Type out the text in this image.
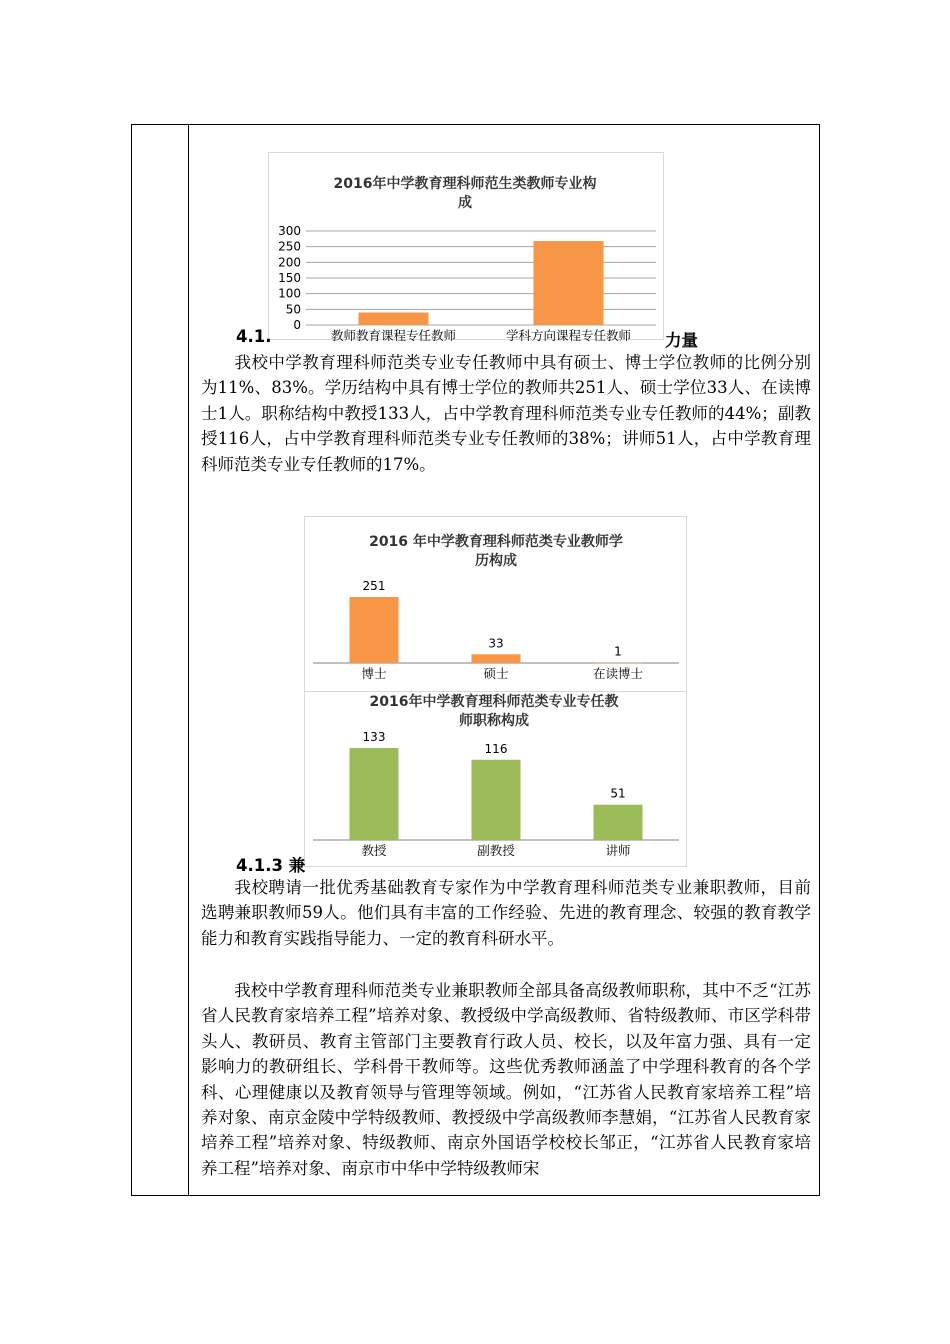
2016年中学教育理科师范生类教师专业构
成
0
50
100
150
200
250
300
教师教育课程专任教师	学科方向课程专任教师

4.1.	力量

我校中学教育理科师范类专业专任教师中具有硕士、博士学位教师的比例分别为11%、83%。学历结构中具有博士学位的教师共251人、硕士学位33人、在读博士1人。职称结构中教授133人，占中学教育理科师范类专业专任教师的44%；副教授116人，占中学教育理科师范类专业专任教师的38%；讲师51人，占中学教育理科师范类专业专任教师的17%。

2016 年中学教育理科师范类专业教师学
历构成
251
博士
33
硕士
1
在读博士
2016年中学教育理科师范类专业专任教
师职称构成
133
教授
116
副教授
51
讲师

4.1.3 兼

我校聘请一批优秀基础教育专家作为中学教育理科师范类专业兼职教师，目前选聘兼职教师59人。他们具有丰富的工作经验、先进的教育理念、较强的教育教学能力和教育实践指导能力、一定的教育科研水平。

我校中学教育理科师范类专业兼职教师全部具备高级教师职称，其中不乏“江苏省人民教育家培养工程”培养对象、教授级中学高级教师、省特级教师、市区学科带头人、教研员、教育主管部门主要教育行政人员、校长，以及年富力强、具有一定影响力的教研组长、学科骨干教师等。这些优秀教师涵盖了中学理科教育的各个学科、心理健康以及教育领导与管理等领域。例如，“江苏省人民教育家培养工程”培养对象、南京金陵中学特级教师、教授级中学高级教师李慧娟，“江苏省人民教育家培养工程”培养对象、特级教师、南京外国语学校校长邹正，“江苏省人民教育家培养工程”培养对象、南京市中华中学特级教师宋
